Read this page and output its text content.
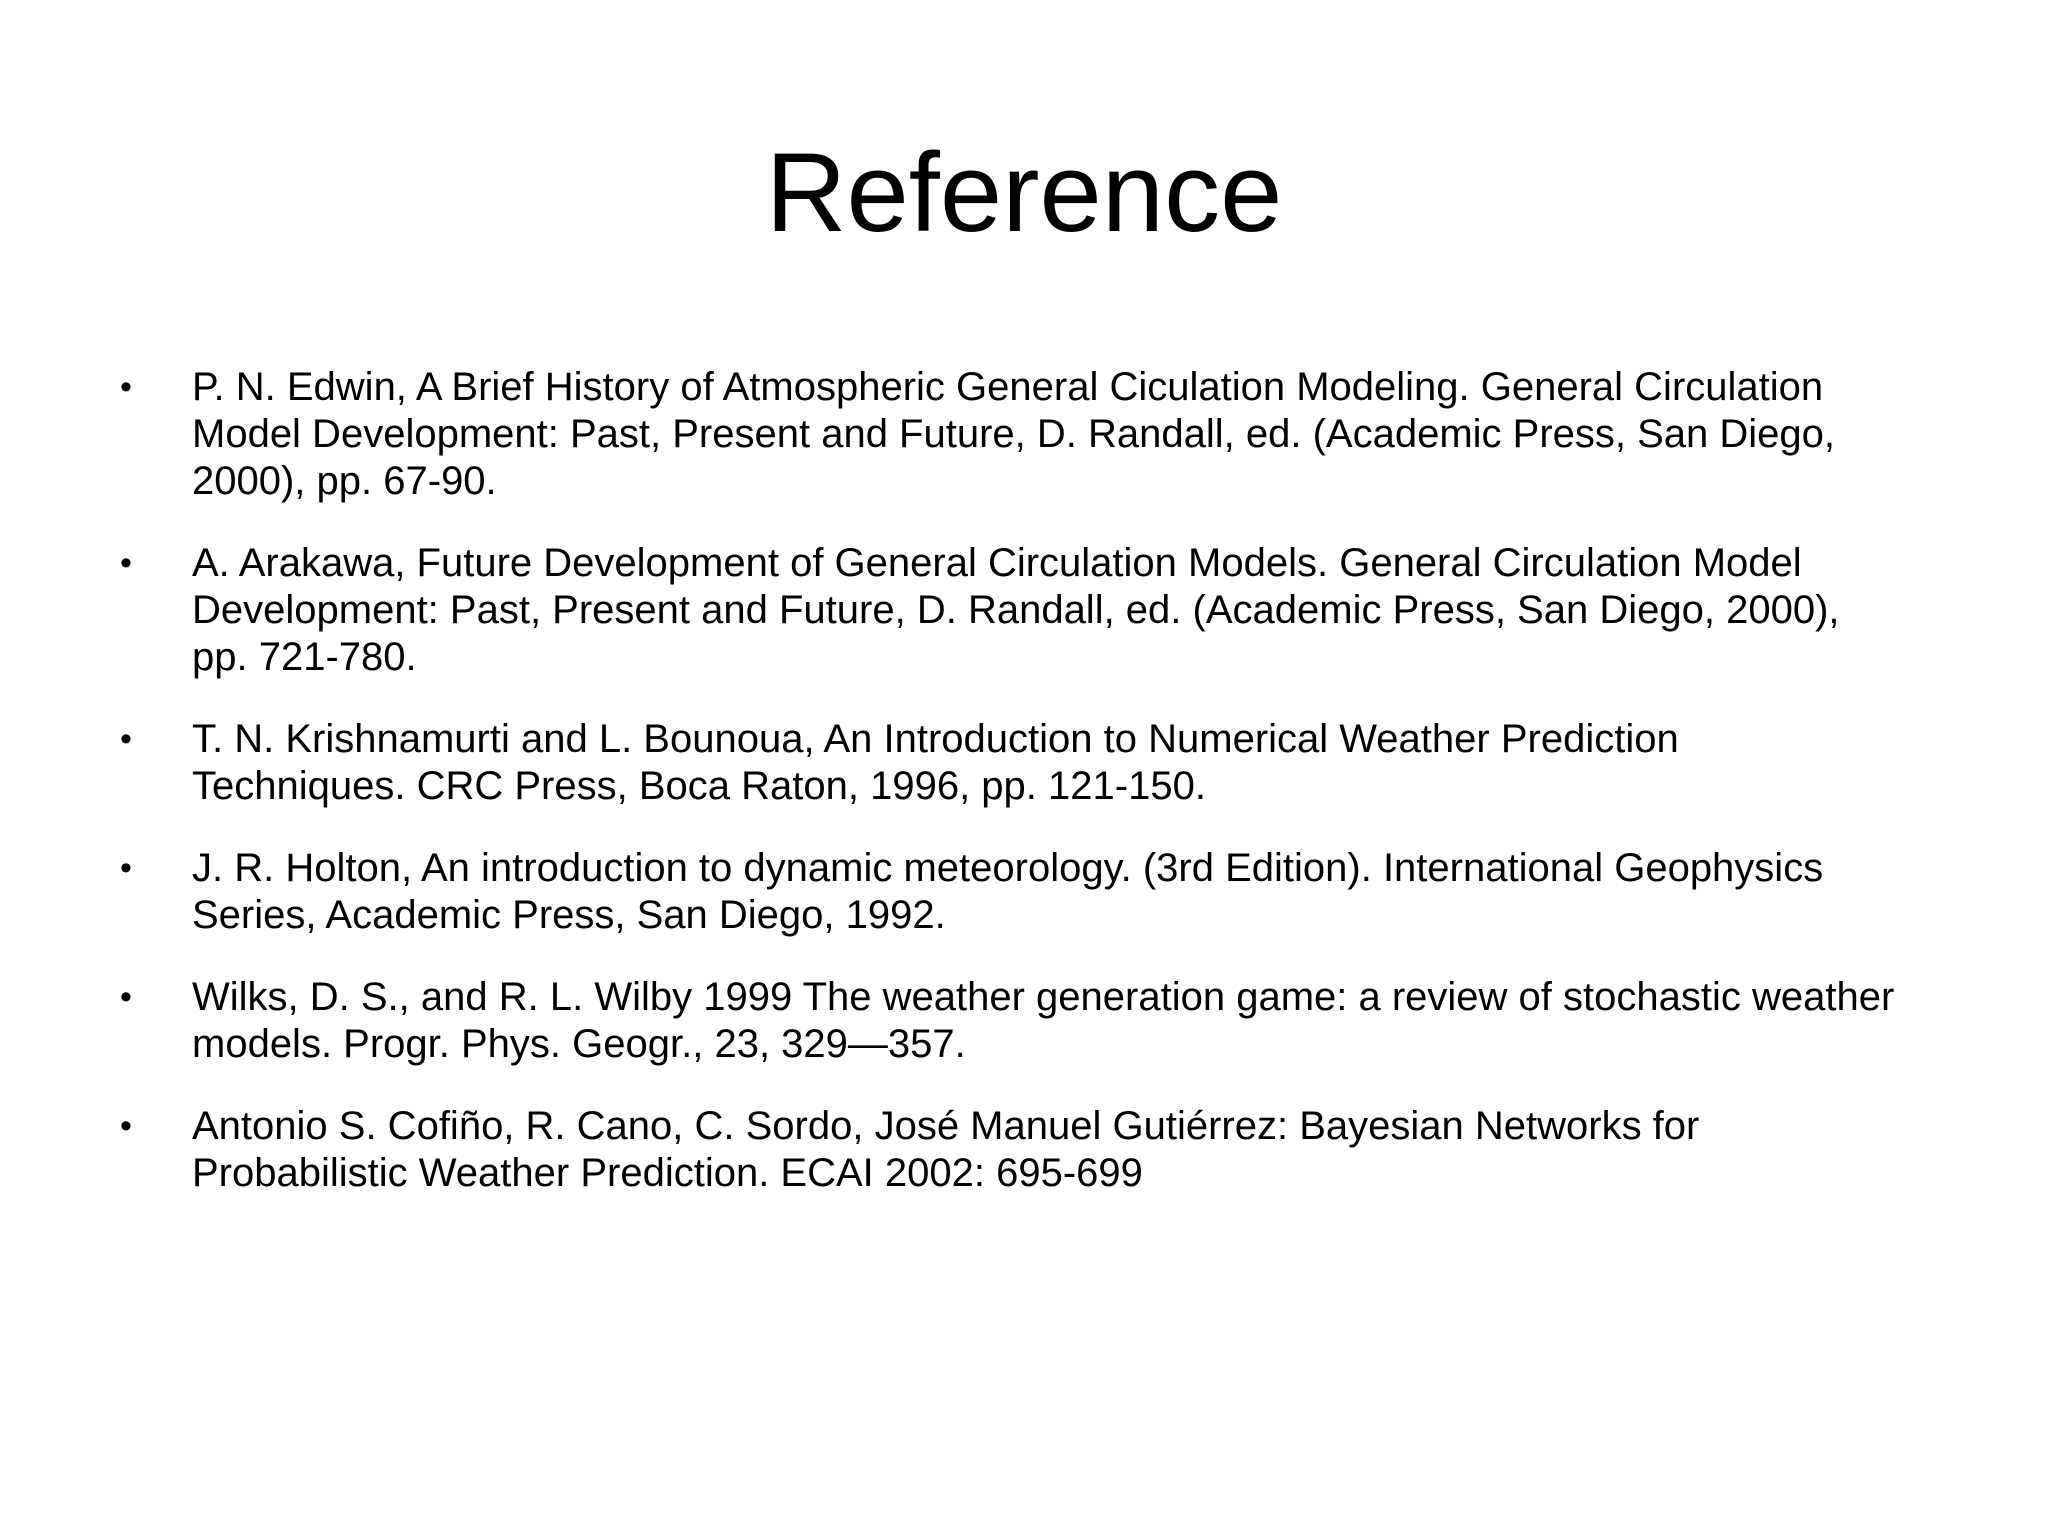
Reference
•	P. N. Edwin, A Brief History of Atmospheric General Ciculation Modeling. General Circulation
Model Development: Past, Present and Future, D. Randall, ed. (Academic Press, San Diego,
2000), pp. 67-90.
•	A. Arakawa, Future Development of General Circulation Models. General Circulation Model
Development: Past, Present and Future, D. Randall, ed. (Academic Press, San Diego, 2000),
pp. 721-780.
•	T. N. Krishnamurti and L. Bounoua, An Introduction to Numerical Weather Prediction
Techniques. CRC Press, Boca Raton, 1996, pp. 121-150.
•	J. R. Holton, An introduction to dynamic meteorology. (3rd Edition). International Geophysics
Series, Academic Press, San Diego, 1992.
•	Wilks, D. S., and R. L. Wilby 1999 The weather generation game: a review of stochastic weather
models. Progr. Phys. Geogr., 23, 329—357.
•	Antonio S. Cofiño, R. Cano, C. Sordo, José Manuel Gutiérrez: Bayesian Networks for
Probabilistic Weather Prediction. ECAI 2002: 695-699
